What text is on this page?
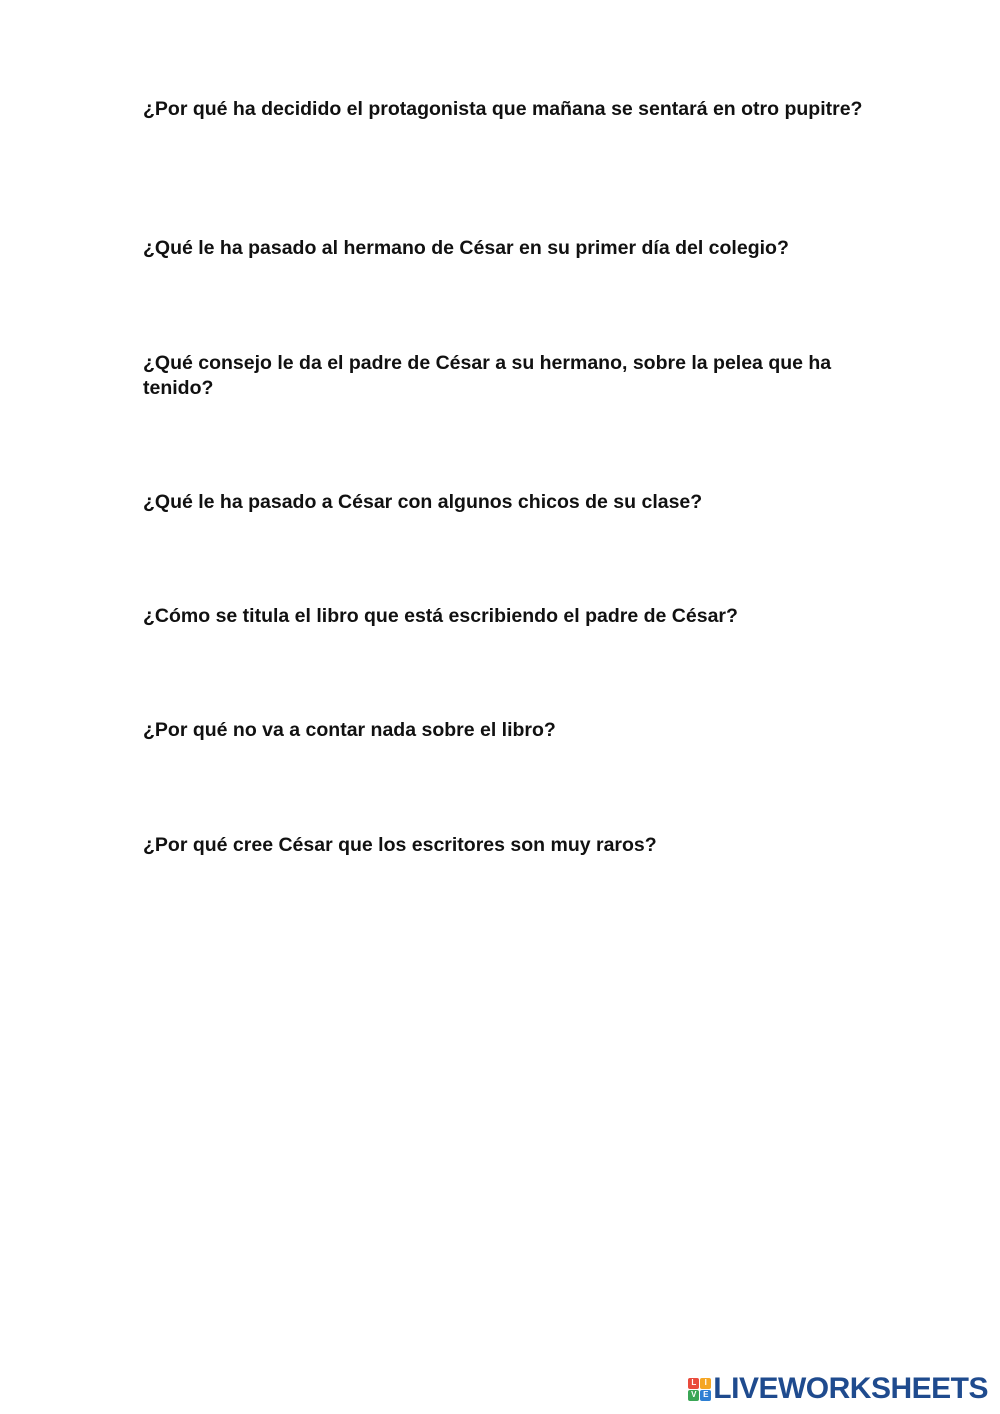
¿Por qué ha decidido el protagonista que mañana se sentará en otro pupitre?

¿Qué le ha pasado al hermano de César en su primer día del colegio?

¿Qué consejo le da el padre de César a su hermano, sobre la pelea que ha tenido?

¿Qué le ha pasado a César con algunos chicos de su clase?

¿Cómo se titula el libro que está escribiendo el padre de César?

¿Por qué no va a contar nada sobre el libro?

¿Por qué cree César que los escritores son muy raros?

L	I
V E LIVEWORKSHEETS
